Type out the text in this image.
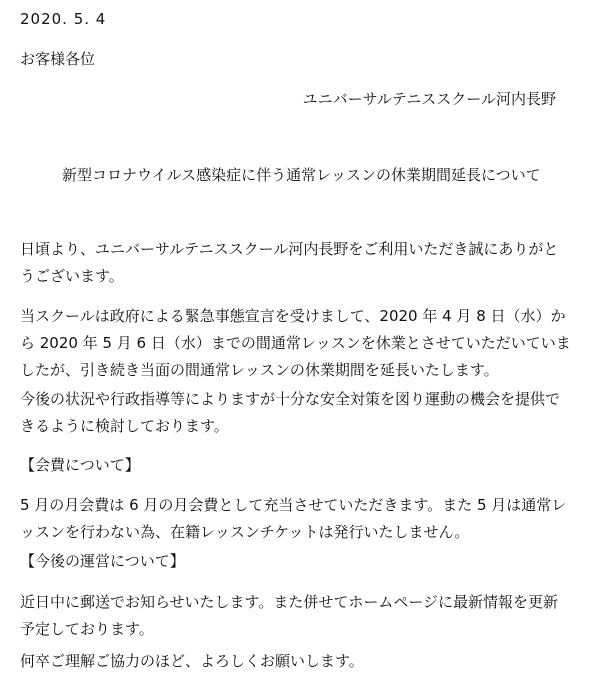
2020. 5. 4
お客様各位
ユニバーサルテニススクール河内長野
新型コロナウイルス感染症に伴う通常レッスンの休業期間延長について

日頃より、ユニバーサルテニススクール河内長野をご利用いただき誠にありがとうございます。

当スクールは政府による緊急事態宣言を受けまして、2020 年 4 月 8 日（水）から 2020 年 5 月 6 日（水）までの間通常レッスンを休業とさせていただいていましたが、引き続き当面の間通常レッスンの休業期間を延長いたします。

今後の状況や行政指導等によりますが十分な安全対策を図り運動の機会を提供できるように検討しております。

【会費について】

5 月の月会費は 6 月の月会費として充当させていただきます。また 5 月は通常レッスンを行わない為、在籍レッスンチケットは発行いたしません。

【今後の運営について】

近日中に郵送でお知らせいたします。また併せてホームページに最新情報を更新予定しております。

何卒ご理解ご協力のほど、よろしくお願いします。
